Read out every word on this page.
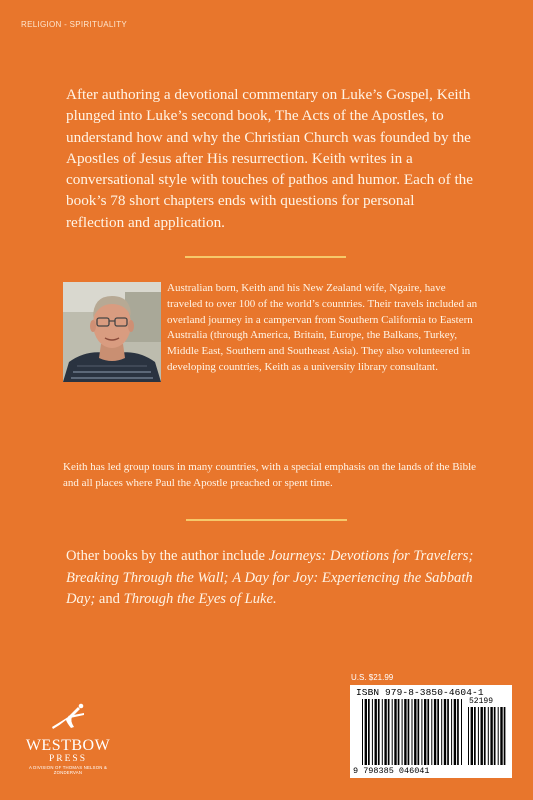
RELIGION - SPIRITUALITY

After authoring a devotional commentary on Luke’s Gospel, Keith plunged into Luke’s second book, The Acts of the Apostles, to understand how and why the Christian Church was founded by the Apostles of Jesus after His resurrection. Keith writes in a conversational style with touches of pathos and humor. Each of the book’s 78 short chapters ends with questions for personal reflection and application.

Australian born, Keith and his New Zealand wife, Ngaire, have traveled to over 100 of the world’s countries. Their travels included an overland journey in a campervan from Southern California to Eastern Australia (through America, Britain, Europe, the Balkans, Turkey, Middle East, Southern and Southeast Asia). They also volunteered in developing countries, Keith as a university library consultant.

Keith has led group tours in many countries, with a special emphasis on the lands of the Bible and all places where Paul the Apostle preached or spent time.

Other books by the author include Journeys: Devotions for Travelers; Breaking Through the Wall; A Day for Joy: Experiencing the Sabbath Day; and Through the Eyes of Luke.

WESTBOW
PRESS
A DIVISION OF THOMAS NELSON & ZONDERVAN
U.S. $21.99
ISBN 979-8-3850-4604-1
9 798385 046041
52199
